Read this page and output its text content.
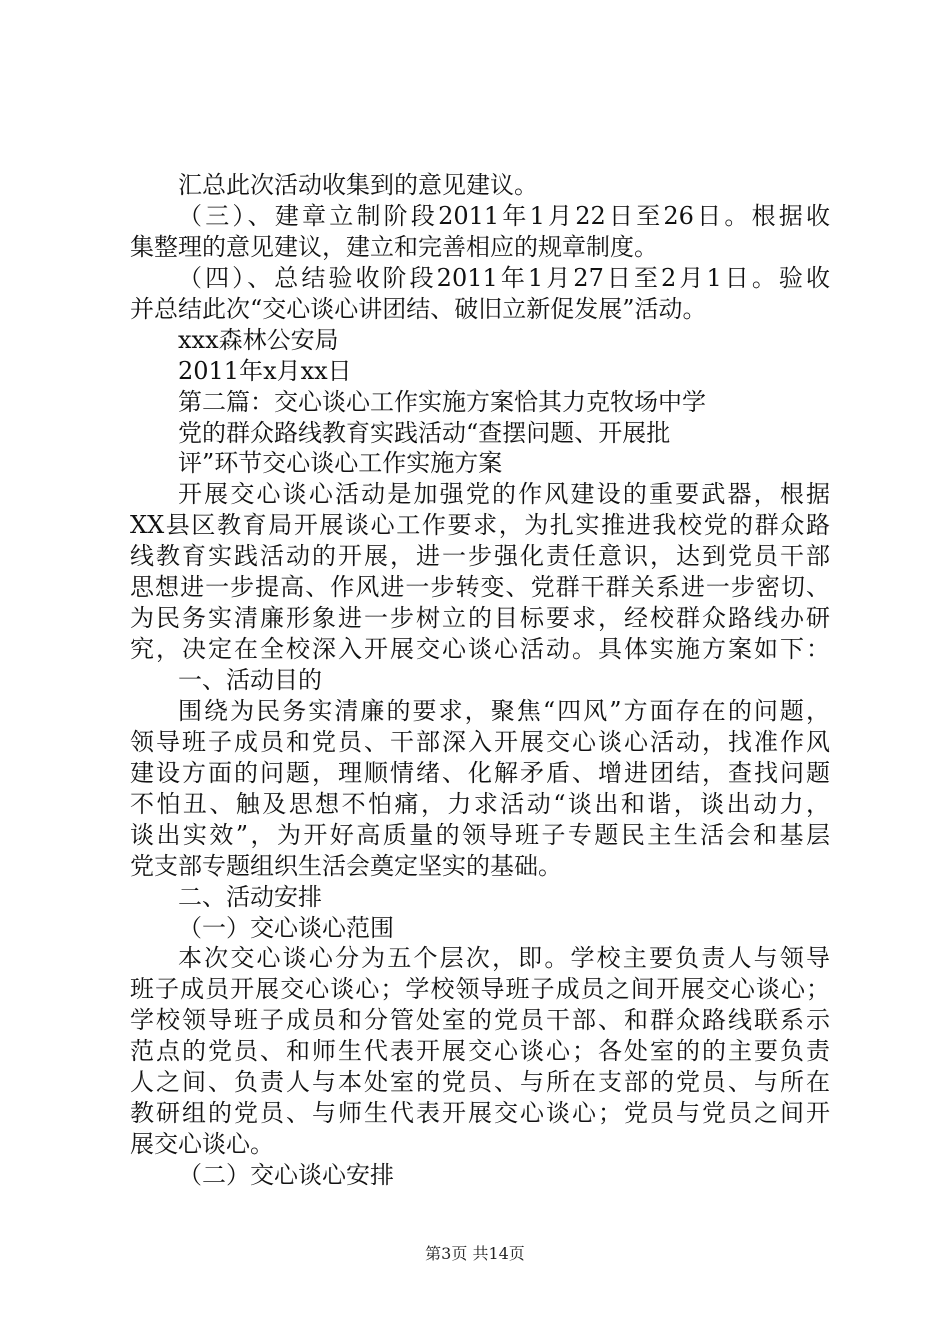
汇总此次活动收集到的意见建议。
（三）、建章立制阶段2011年1月22日至26日。根据收
集整理的意见建议，建立和完善相应的规章制度。
（四）、总结验收阶段2011年1月27日至2月1日。验收
并总结此次“交心谈心讲团结、破旧立新促发展”活动。
xxx森林公安局
2011年x月xx日
第二篇：交心谈心工作实施方案恰其力克牧场中学
党的群众路线教育实践活动“查摆问题、开展批
评”环节交心谈心工作实施方案
开展交心谈心活动是加强党的作风建设的重要武器，根据
XX县区教育局开展谈心工作要求，为扎实推进我校党的群众路
线教育实践活动的开展，进一步强化责任意识，达到党员干部
思想进一步提高、作风进一步转变、党群干群关系进一步密切、
为民务实清廉形象进一步树立的目标要求，经校群众路线办研
究，决定在全校深入开展交心谈心活动。具体实施方案如下：
一、活动目的
围绕为民务实清廉的要求，聚焦“四风”方面存在的问题，
领导班子成员和党员、干部深入开展交心谈心活动，找准作风
建设方面的问题，理顺情绪、化解矛盾、增进团结，查找问题
不怕丑、触及思想不怕痛，力求活动“谈出和谐，谈出动力，
谈出实效”，为开好高质量的领导班子专题民主生活会和基层
党支部专题组织生活会奠定坚实的基础。
二、活动安排
（一）交心谈心范围
本次交心谈心分为五个层次，即。学校主要负责人与领导
班子成员开展交心谈心；学校领导班子成员之间开展交心谈心；
学校领导班子成员和分管处室的党员干部、和群众路线联系示
范点的党员、和师生代表开展交心谈心；各处室的的主要负责
人之间、负责人与本处室的党员、与所在支部的党员、与所在
教研组的党员、与师生代表开展交心谈心；党员与党员之间开
展交心谈心。
（二）交心谈心安排
第3页 共14页
